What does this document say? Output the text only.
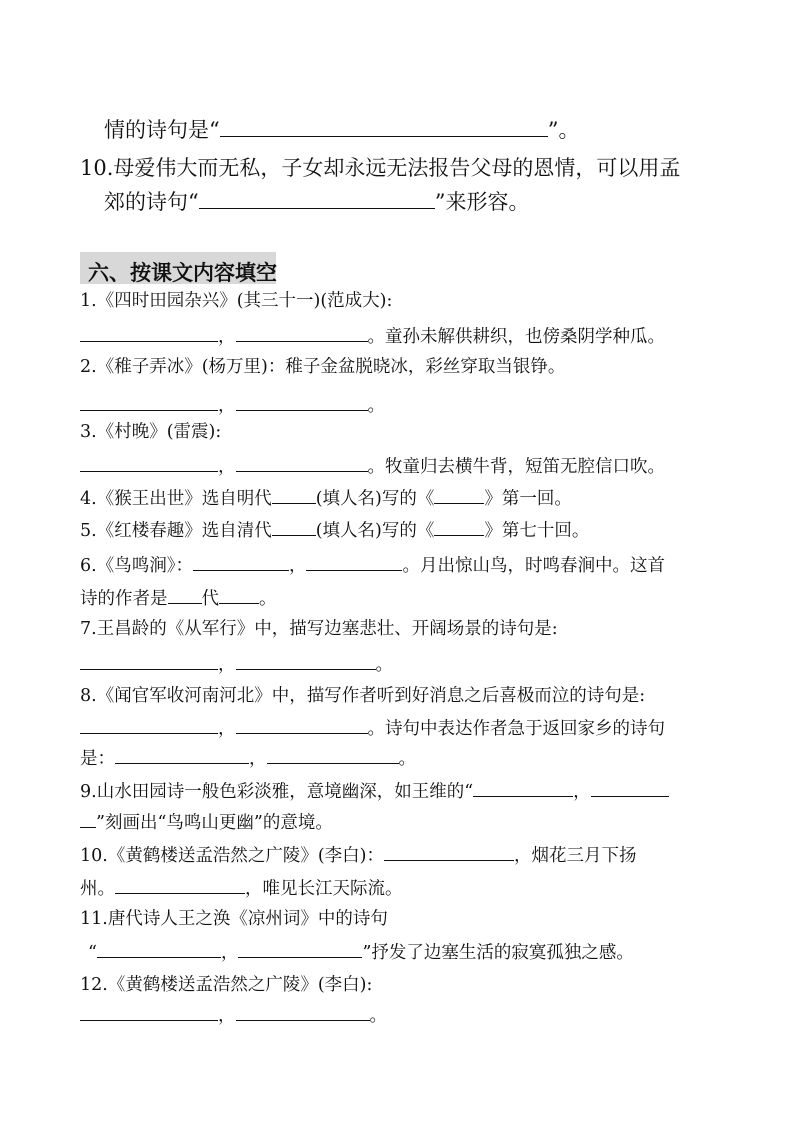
情的诗句是“	”。
10.母爱伟大而无私，子女却永远无法报告父母的恩情，可以用孟
郊的诗句“	”来形容。
六、按课文内容填空
1.《四时田园杂兴》(其三十一)(范成大):
，	。童孙未解供耕织，也傍桑阴学种瓜。
2.《稚子弄冰》(杨万里)：稚子金盆脱晓冰，彩丝穿取当银铮。
，	。
3.《村晚》(雷震):
，	。牧童归去横牛背，短笛无腔信口吹。
4.《猴王出世》选自明代	(填人名)写的《	》第一回。
5.《红楼春趣》选自清代	(填人名)写的《	》第七十回。
6.《鸟鸣涧》：	，	。月出惊山鸟，时鸣春涧中。这首
诗的作者是 代 。
7.王昌龄的《从军行》中，描写边塞悲壮、开阔场景的诗句是:
，	。
8.《闻官军收河南河北》中，描写作者听到好消息之后喜极而泣的诗句是:
，	。诗句中表达作者急于返回家乡的诗句
是：	，	。
9.山水田园诗一般色彩淡雅，意境幽深，如王维的“	，
”刻画出“鸟鸣山更幽”的意境。
10.《黄鹤楼送孟浩然之广陵》(李白)：	，烟花三月下扬
州。	，唯见长江天际流。
11.唐代诗人王之涣《凉州词》中的诗句
“	，	”抒发了边塞生活的寂寞孤独之感。
12.《黄鹤楼送孟浩然之广陵》(李白):
，	。
